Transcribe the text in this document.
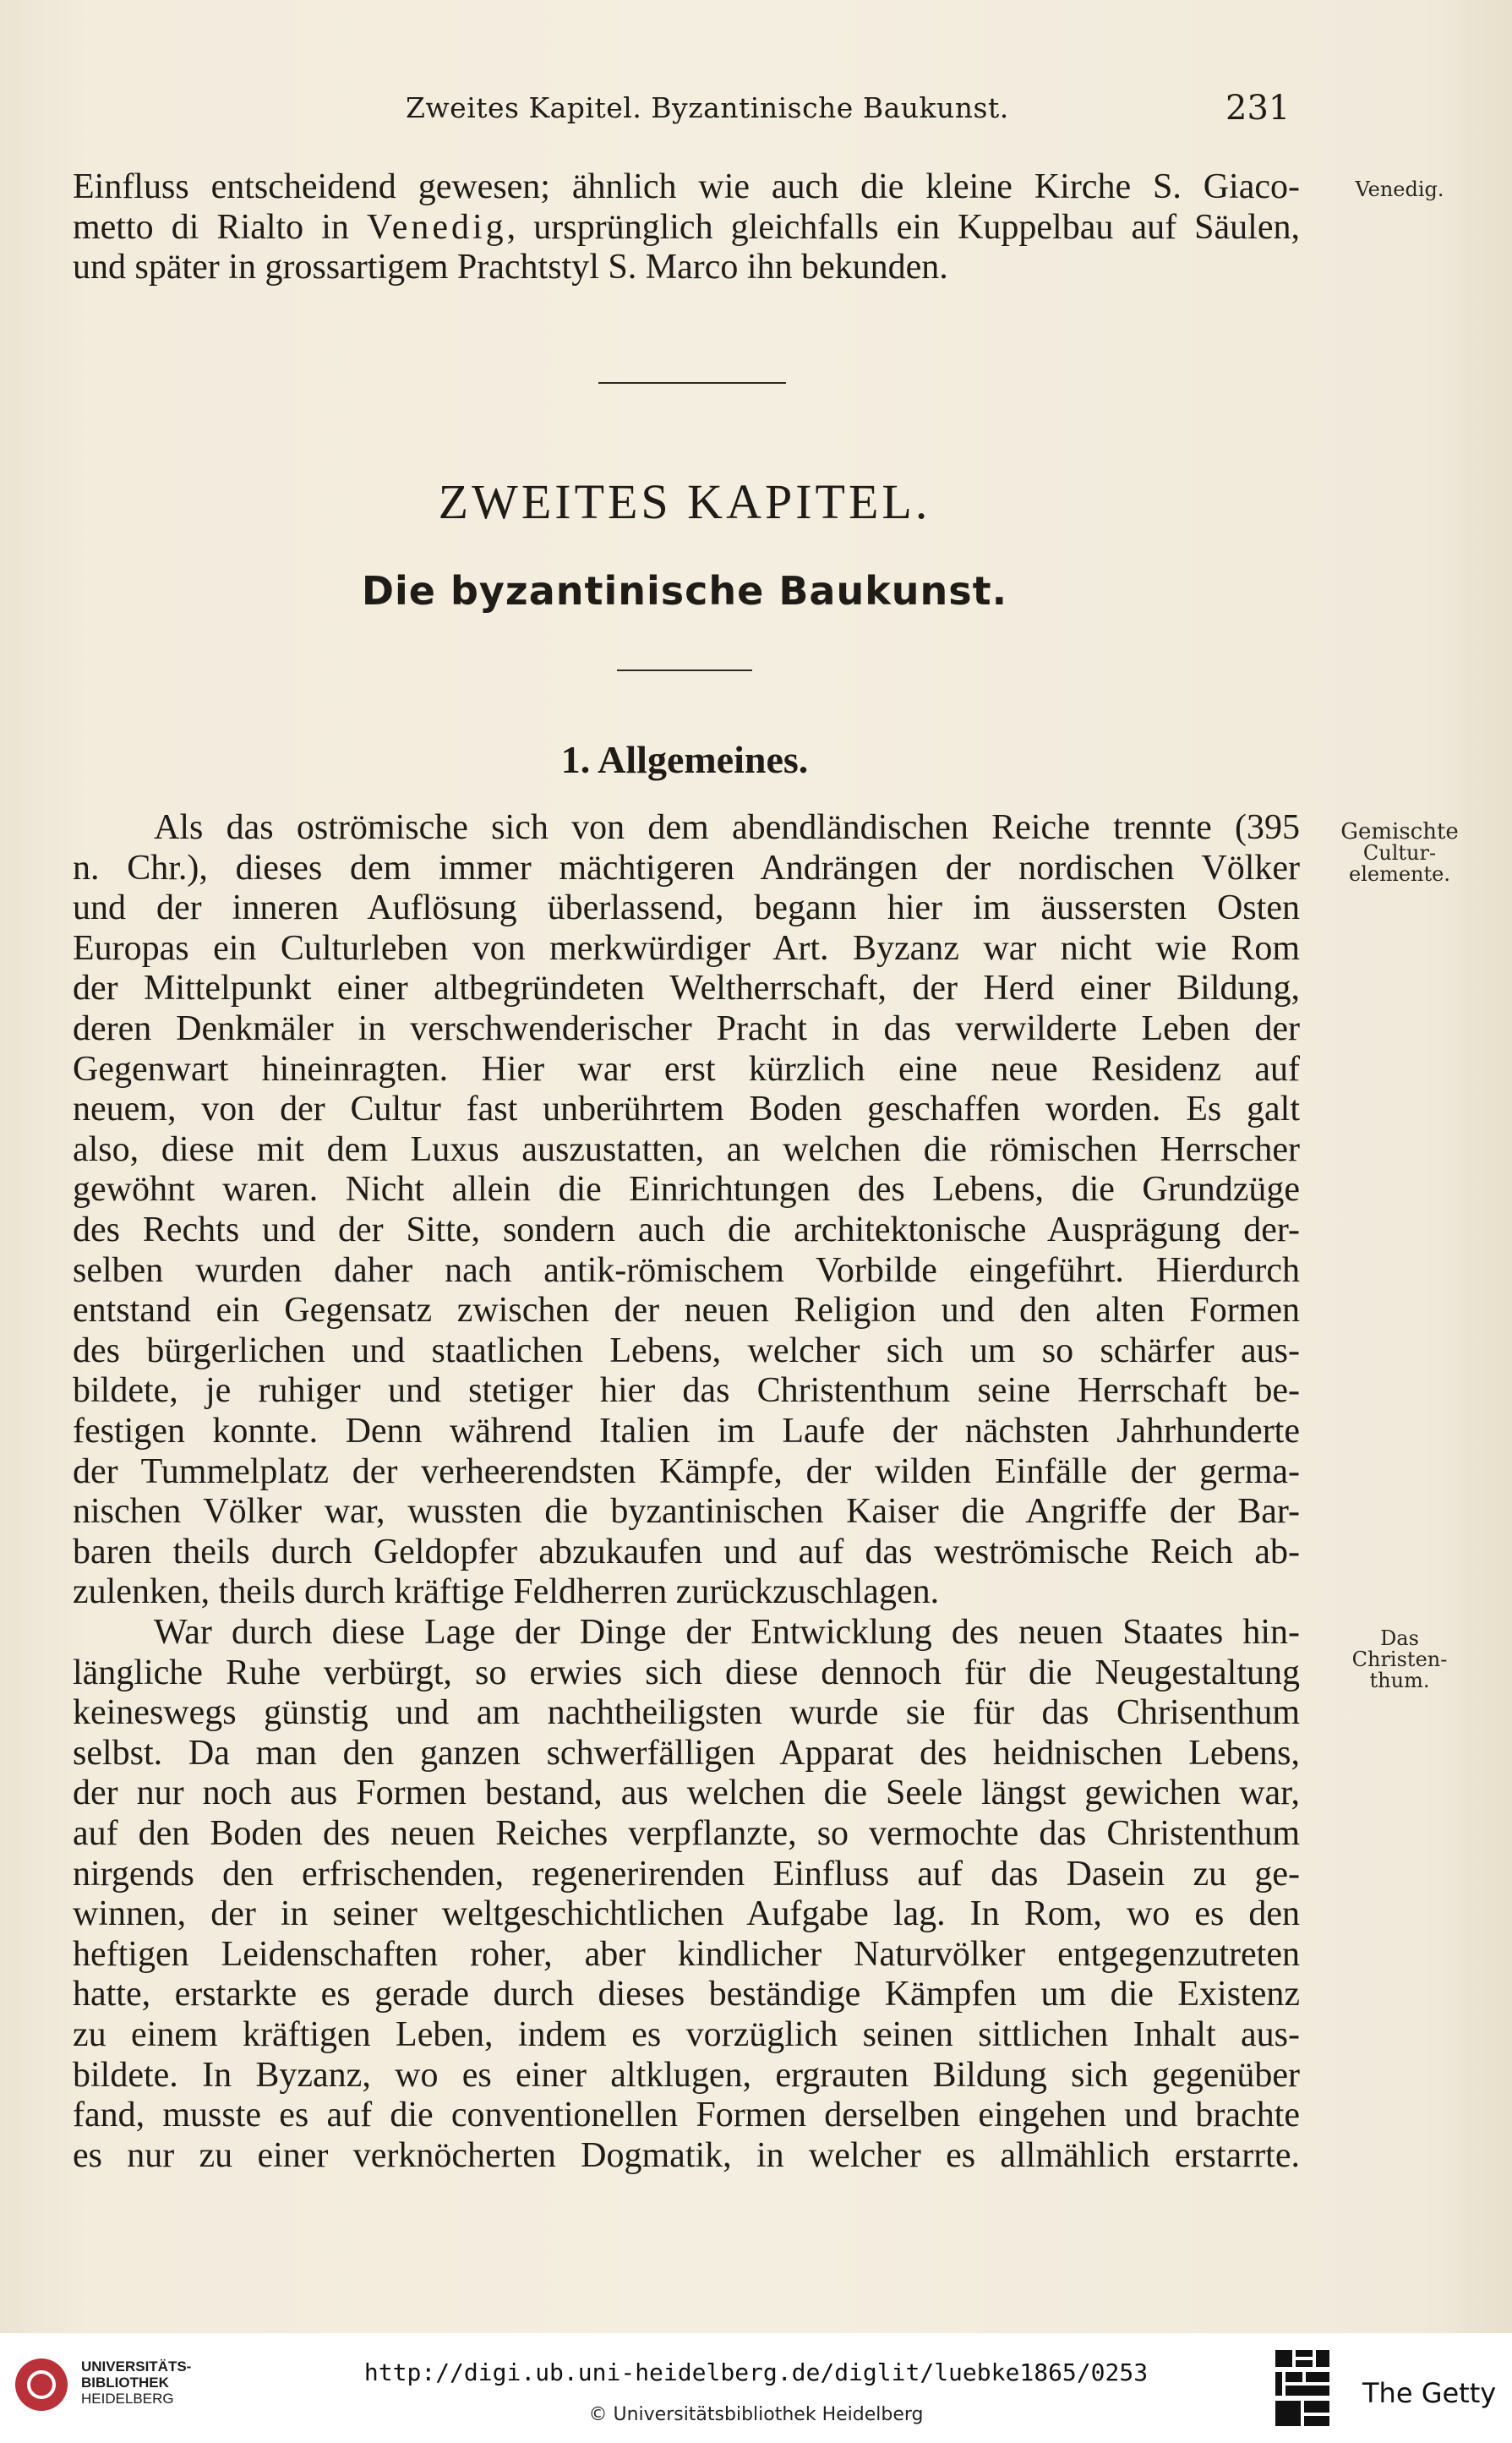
Zweites Kapitel. Byzantinische Baukunst.	231
Einfluss entscheidend gewesen; ähnlich wie auch die kleine Kirche S. Giaco-
metto di Rialto in Venedig, ursprünglich gleichfalls ein Kuppelbau auf Säulen,
und später in grossartigem Prachtstyl S. Marco ihn bekunden.
ZWEITES KAPITEL.
Die byzantinische Baukunst.
1. Allgemeines.
Als das oströmische sich von dem abendländischen Reiche trennte (395
n. Chr.), dieses dem immer mächtigeren Andrängen der nordischen Völker
und der inneren Auflösung überlassend, begann hier im äussersten Osten
Europas ein Culturleben von merkwürdiger Art. Byzanz war nicht wie Rom
der Mittelpunkt einer altbegründeten Weltherrschaft, der Herd einer Bildung,
deren Denkmäler in verschwenderischer Pracht in das verwilderte Leben der
Gegenwart hineinragten. Hier war erst kürzlich eine neue Residenz auf
neuem, von der Cultur fast unberührtem Boden geschaffen worden. Es galt
also, diese mit dem Luxus auszustatten, an welchen die römischen Herrscher
gewöhnt waren. Nicht allein die Einrichtungen des Lebens, die Grundzüge
des Rechts und der Sitte, sondern auch die architektonische Ausprägung der-
selben wurden daher nach antik-römischem Vorbilde eingeführt. Hierdurch
entstand ein Gegensatz zwischen der neuen Religion und den alten Formen
des bürgerlichen und staatlichen Lebens, welcher sich um so schärfer aus-
bildete, je ruhiger und stetiger hier das Christenthum seine Herrschaft be-
festigen konnte. Denn während Italien im Laufe der nächsten Jahrhunderte
der Tummelplatz der verheerendsten Kämpfe, der wilden Einfälle der germa-
nischen Völker war, wussten die byzantinischen Kaiser die Angriffe der Bar-
baren theils durch Geldopfer abzukaufen und auf das weströmische Reich ab-
zulenken, theils durch kräftige Feldherren zurückzuschlagen.
War durch diese Lage der Dinge der Entwicklung des neuen Staates hin-
längliche Ruhe verbürgt, so erwies sich diese dennoch für die Neugestaltung
keineswegs günstig und am nachtheiligsten wurde sie für das Chrisenthum
selbst. Da man den ganzen schwerfälligen Apparat des heidnischen Lebens,
der nur noch aus Formen bestand, aus welchen die Seele längst gewichen war,
auf den Boden des neuen Reiches verpflanzte, so vermochte das Christenthum
nirgends den erfrischenden, regenerirenden Einfluss auf das Dasein zu ge-
winnen, der in seiner weltgeschichtlichen Aufgabe lag. In Rom, wo es den
heftigen Leidenschaften roher, aber kindlicher Naturvölker entgegenzutreten
hatte, erstarkte es gerade durch dieses beständige Kämpfen um die Existenz
zu einem kräftigen Leben, indem es vorzüglich seinen sittlichen Inhalt aus-
bildete. In Byzanz, wo es einer altklugen, ergrauten Bildung sich gegenüber
fand, musste es auf die conventionellen Formen derselben eingehen und brachte
es nur zu einer verknöcherten Dogmatik, in welcher es allmählich erstarrte.
Venedig.
Gemischte
Cultur-
elemente.
Das
Christen-
thum.
UNIVERSITÄTS-
BIBLIOTHEK
HEIDELBERG
http://digi.ub.uni-heidelberg.de/diglit/luebke1865/0253
© Universitätsbibliothek Heidelberg
The Getty
